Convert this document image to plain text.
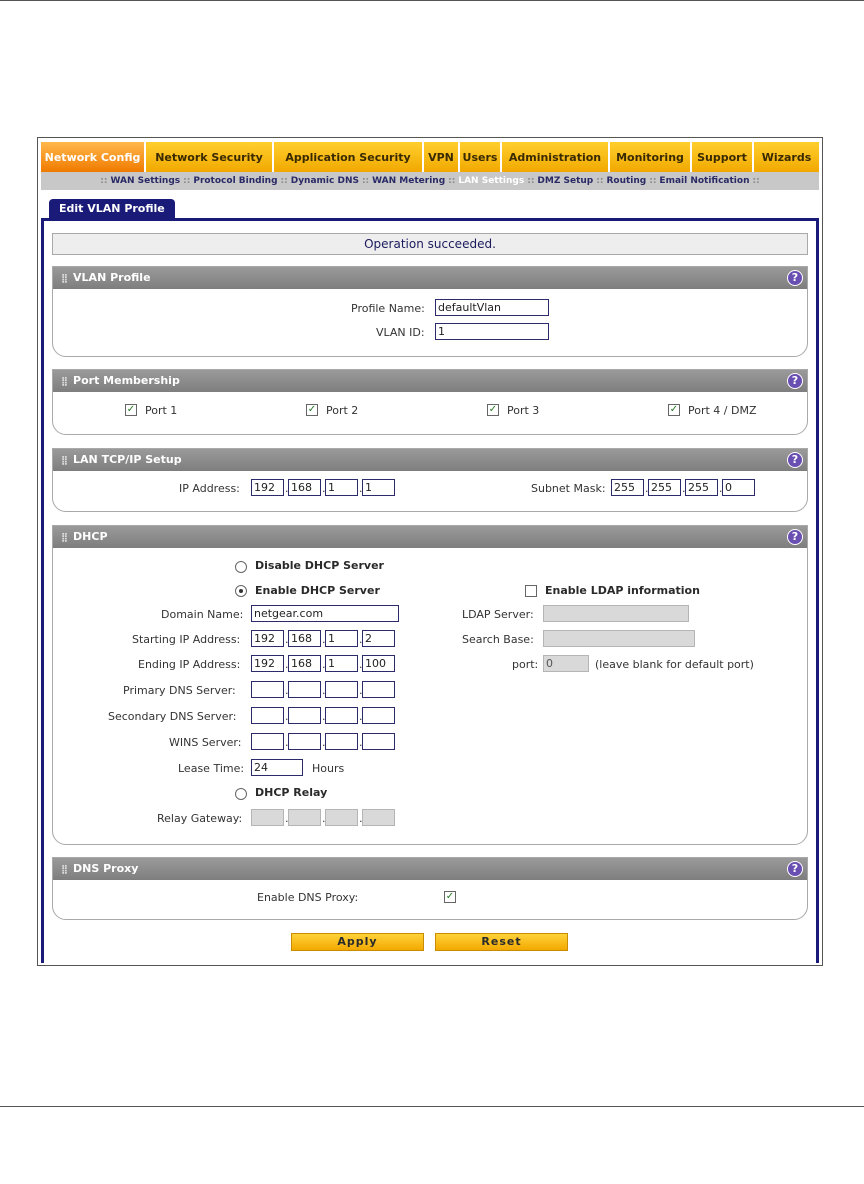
Network Config	Network Security	Application Security	VPN Users	Administration	Monitoring	Support	Wizards
:: WAN Settings :: Protocol Binding :: Dynamic DNS :: WAN Metering :: LAN Settings :: DMZ Setup :: Routing :: Email Notification ::
Edit VLAN Profile
Operation succeeded.
⣿ VLAN Profile	?
Profile Name: defaultVlan
VLAN ID: 1
⣿ Port Membership	?
✓ Port 1	✓ Port 2	✓ Port 3	✓ Port 4 / DMZ
⣿ LAN TCP/IP Setup	?
IP Address: 192 . 168 . 1	. 1	Subnet Mask: 255 . 255 . 255 . 0
⣿ DHCP	?
Disable DHCP Server
Enable DHCP Server
Domain Name: netgear.com
Starting IP Address: 192 . 168 . 1	. 2
Ending IP Address: 192 . 168 . 1	. 100
Primary DNS Server:	.	.	.
Secondary DNS Server:	.	.	.
WINS Server:	.	.	.
Lease Time: 24	Hours
DHCP Relay
Relay Gateway:	.	.	.
Enable LDAP information
LDAP Server:
Search Base:
port: 0	(leave blank for default port)
⣿ DNS Proxy	?
Enable DNS Proxy:	✓
Apply	Reset
